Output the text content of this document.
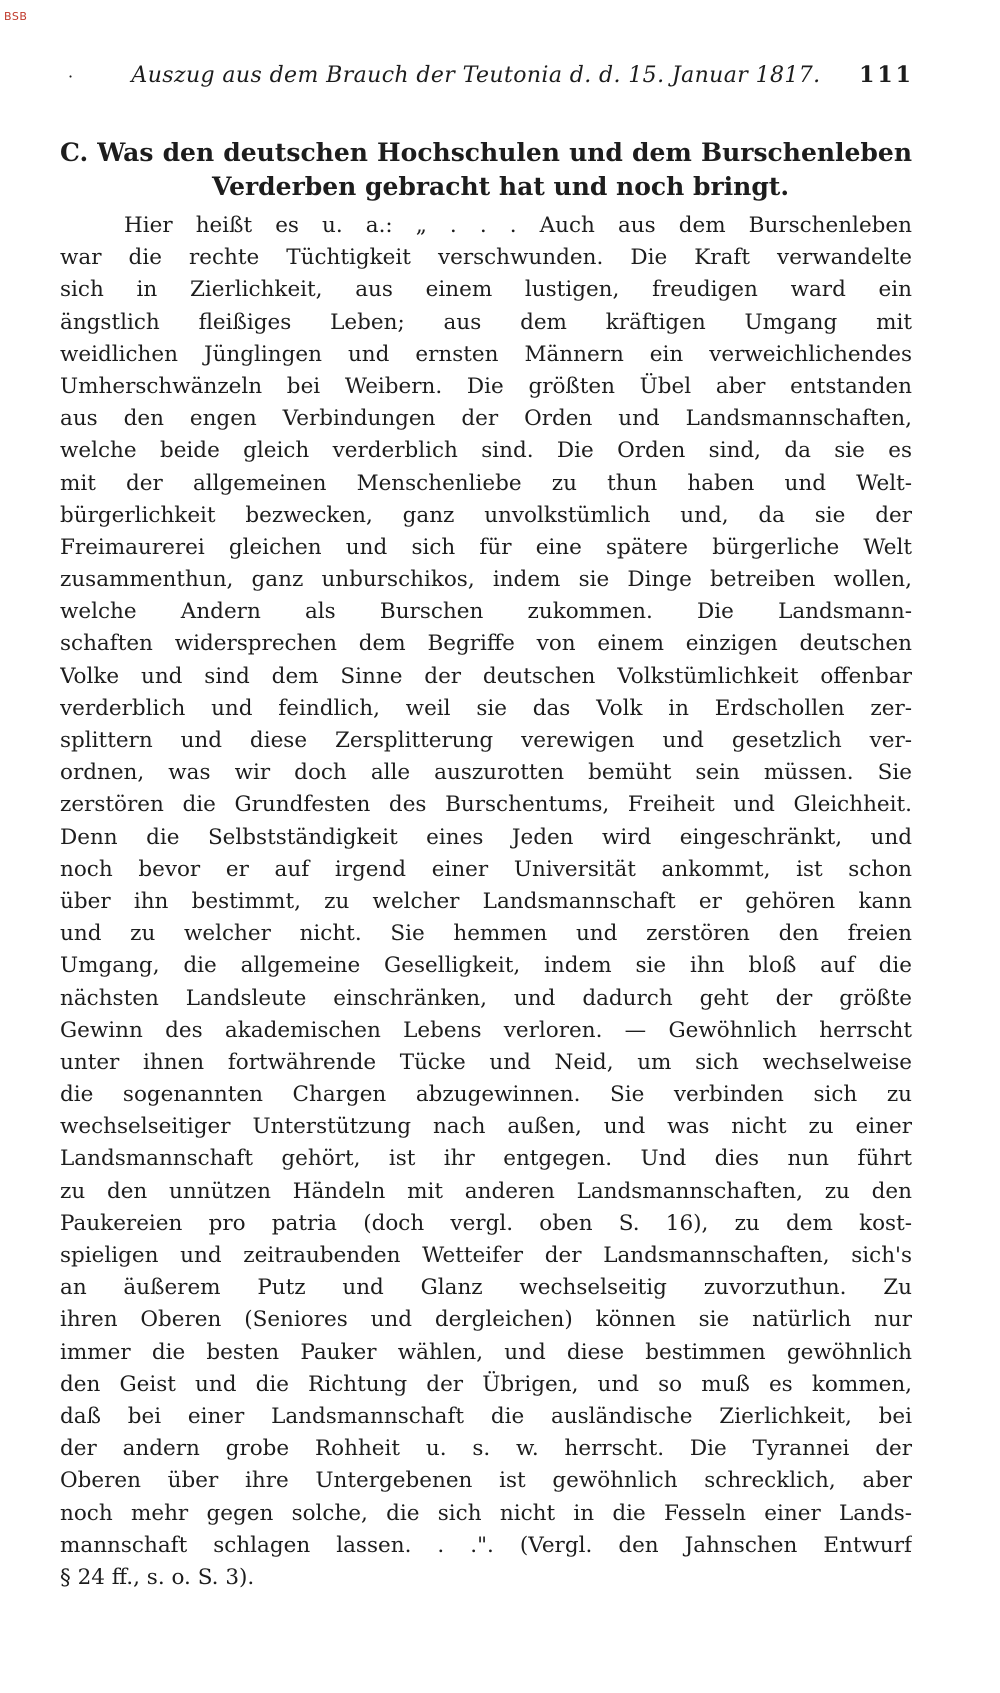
BSB
·	Auszug aus dem Brauch der Teutonia d. d. 15. Januar 1817.	111
C. Was den deutschen Hochschulen und dem Burschenleben
Verderben gebracht hat und noch bringt.
Hier heißt es u. a.: „ . . . Auch aus dem Burschenleben
war die rechte Tüchtigkeit verschwunden. Die Kraft verwandelte
sich in Zierlichkeit, aus einem lustigen, freudigen ward ein
ängstlich fleißiges Leben; aus dem kräftigen Umgang mit
weidlichen Jünglingen und ernsten Männern ein verweichlichendes
Umherschwänzeln bei Weibern. Die größten Übel aber entstanden
aus den engen Verbindungen der Orden und Landsmannschaften,
welche beide gleich verderblich sind. Die Orden sind, da sie es
mit der allgemeinen Menschenliebe zu thun haben und Welt-
bürgerlichkeit bezwecken, ganz unvolkstümlich und, da sie der
Freimaurerei gleichen und sich für eine spätere bürgerliche Welt
zusammenthun, ganz unburschikos, indem sie Dinge betreiben wollen,
welche Andern als Burschen zukommen. Die Landsmann-
schaften widersprechen dem Begriffe von einem einzigen deutschen
Volke und sind dem Sinne der deutschen Volkstümlichkeit offenbar
verderblich und feindlich, weil sie das Volk in Erdschollen zer-
splittern und diese Zersplitterung verewigen und gesetzlich ver-
ordnen, was wir doch alle auszurotten bemüht sein müssen. Sie
zerstören die Grundfesten des Burschentums, Freiheit und Gleichheit.
Denn die Selbstständigkeit eines Jeden wird eingeschränkt, und
noch bevor er auf irgend einer Universität ankommt, ist schon
über ihn bestimmt, zu welcher Landsmannschaft er gehören kann
und zu welcher nicht. Sie hemmen und zerstören den freien
Umgang, die allgemeine Geselligkeit, indem sie ihn bloß auf die
nächsten Landsleute einschränken, und dadurch geht der größte
Gewinn des akademischen Lebens verloren. — Gewöhnlich herrscht
unter ihnen fortwährende Tücke und Neid, um sich wechselweise
die sogenannten Chargen abzugewinnen. Sie verbinden sich zu
wechselseitiger Unterstützung nach außen, und was nicht zu einer
Landsmannschaft gehört, ist ihr entgegen. Und dies nun führt
zu den unnützen Händeln mit anderen Landsmannschaften, zu den
Paukereien pro patria (doch vergl. oben S. 16), zu dem kost-
spieligen und zeitraubenden Wetteifer der Landsmannschaften, sich's
an äußerem Putz und Glanz wechselseitig zuvorzuthun. Zu
ihren Oberen (Seniores und dergleichen) können sie natürlich nur
immer die besten Pauker wählen, und diese bestimmen gewöhnlich
den Geist und die Richtung der Übrigen, und so muß es kommen,
daß bei einer Landsmannschaft die ausländische Zierlichkeit, bei
der andern grobe Rohheit u. s. w. herrscht. Die Tyrannei der
Oberen über ihre Untergebenen ist gewöhnlich schrecklich, aber
noch mehr gegen solche, die sich nicht in die Fesseln einer Lands-
mannschaft schlagen lassen. . .". (Vergl. den Jahnschen Entwurf
§ 24 ff., s. o. S. 3).
